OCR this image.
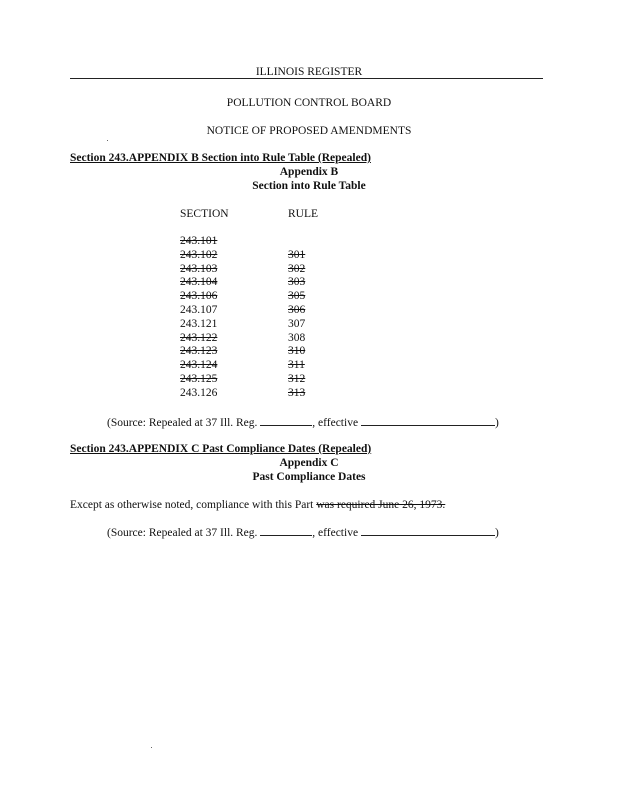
ILLINOIS REGISTER
POLLUTION CONTROL BOARD
NOTICE OF PROPOSED AMENDMENTS
Section 243.APPENDIX B Section into Rule Table (Repealed)
Appendix B
Section into Rule Table
SECTION	RULE
243.101
243.102	301
243.103	302
243.104	303
243.106	305
243.107	306
243.121	307
243.122	308
243.123	310
243.124	311
243.125	312
243.126	313
(Source: Repealed at 37 Ill. Reg.	, effective	)
Section 243.APPENDIX C Past Compliance Dates (Repealed)
Appendix C
Past Compliance Dates
Except as otherwise noted, compliance with this Part was required June 26, 1973.
(Source: Repealed at 37 Ill. Reg.	, effective	)
